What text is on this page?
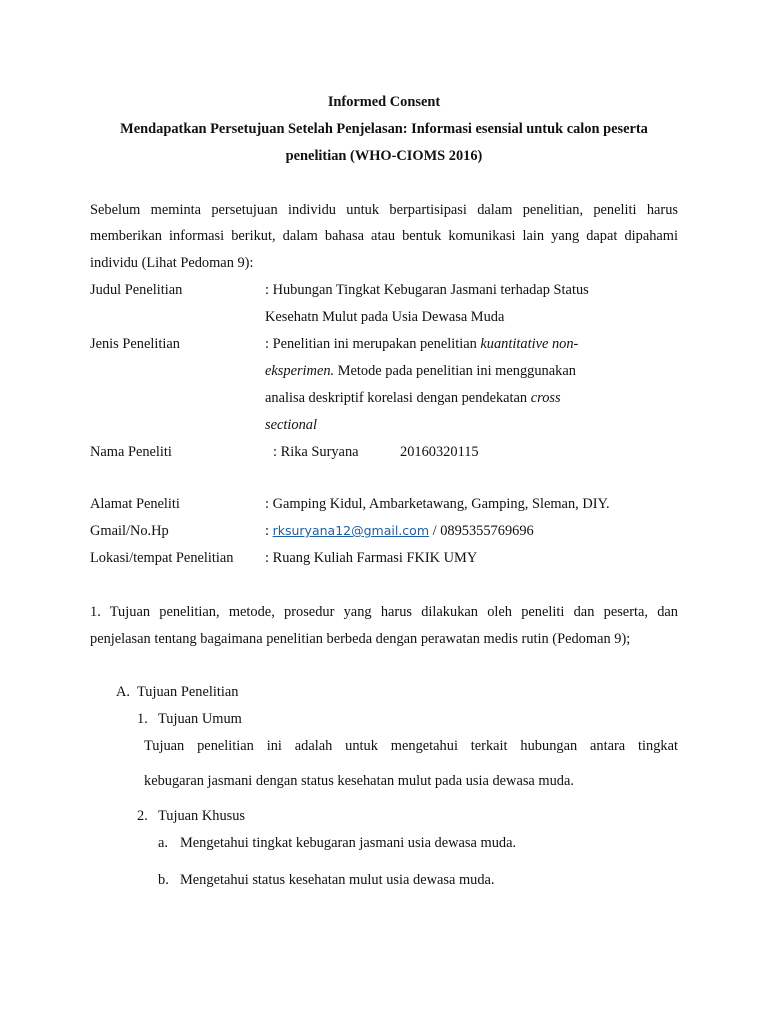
Informed Consent
Mendapatkan Persetujuan Setelah Penjelasan: Informasi esensial untuk calon peserta
penelitian (WHO-CIOMS 2016)
Sebelum meminta persetujuan individu untuk berpartisipasi dalam penelitian, peneliti harus
memberikan informasi berikut, dalam bahasa atau bentuk komunikasi lain yang dapat dipahami
individu (Lihat Pedoman 9):
Judul Penelitian	: Hubungan Tingkat Kebugaran Jasmani terhadap Status
Kesehatn Mulut pada Usia Dewasa Muda
Jenis Penelitian	: Penelitian ini merupakan penelitian kuantitative non-
eksperimen. Metode pada penelitian ini menggunakan
analisa deskriptif korelasi dengan pendekatan cross
sectional
Nama Peneliti	: Rika Suryana	20160320115
Alamat Peneliti	: Gamping Kidul, Ambarketawang, Gamping, Sleman, DIY.
Gmail/No.Hp	: rksuryana12@gmail.com / 0895355769696
Lokasi/tempat Penelitian : Ruang Kuliah Farmasi FKIK UMY
1. Tujuan penelitian, metode, prosedur yang harus dilakukan oleh peneliti dan peserta, dan
penjelasan tentang bagaimana penelitian berbeda dengan perawatan medis rutin (Pedoman 9);
A. Tujuan Penelitian
1. Tujuan Umum
Tujuan penelitian ini adalah untuk mengetahui terkait hubungan antara tingkat
kebugaran jasmani dengan status kesehatan mulut pada usia dewasa muda.
2. Tujuan Khusus
a. Mengetahui tingkat kebugaran jasmani usia dewasa muda.
b. Mengetahui status kesehatan mulut usia dewasa muda.
